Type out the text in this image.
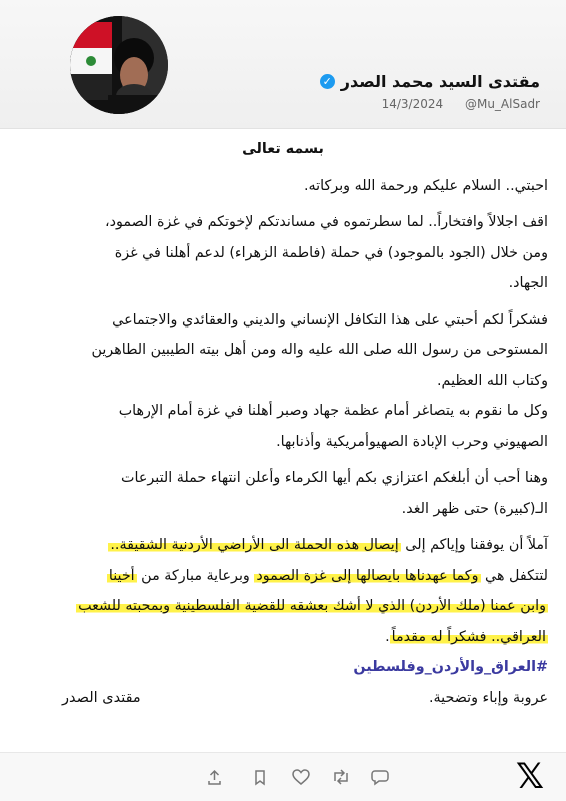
مقتدى السيد محمد الصدر
✓
14/3/2024 @Mu_AlSadr

بسمه تعالى

احبتي.. السلام عليكم ورحمة الله وبركاته.

اقف اجلالاً وافتخاراً.. لما سطرتموه في مساندتكم لإخوتكم في غزة الصمود،

ومن خلال (الجود بالموجود) في حملة (فاطمة الزهراء) لدعم أهلنا في غزة

الجهاد.

فشكراً لكم أحبتي على هذا التكافل الإنساني والديني والعقائدي والاجتماعي

المستوحى من رسول الله صلى الله عليه واله ومن أهل بيته الطيبين الطاهرين

وكتاب الله العظيم.

وكل ما نقوم به يتصاغر أمام عظمة جهاد وصبر أهلنا في غزة أمام الإرهاب

الصهيوني وحرب الإبادة الصهيوأمريكية وأذنابها.

وهنا أحب أن أبلغكم اعتزازي بكم أيها الكرماء وأعلن انتهاء حملة التبرعات

الـ(كبيرة) حتى ظهر الغد.

آملاً أن يوفقنا وإياكم إلى إيصال هذه الحملة الى الأراضي الأردنية الشقيقة..

لتتكفل هي وكما عهدناها بايصالها إلى غزة الصمود وبرعاية مباركة من أخينا

وابن عمنا (ملك الأردن) الذي لا أشك بعشقه للقضية الفلسطينية وبمحبته للشعب

العراقي.. فشكراً له مقدماً.

#العراق_والأردن_وفلسطين

عروبة وإباء وتضحية.

مقتدى الصدر
𝕏
